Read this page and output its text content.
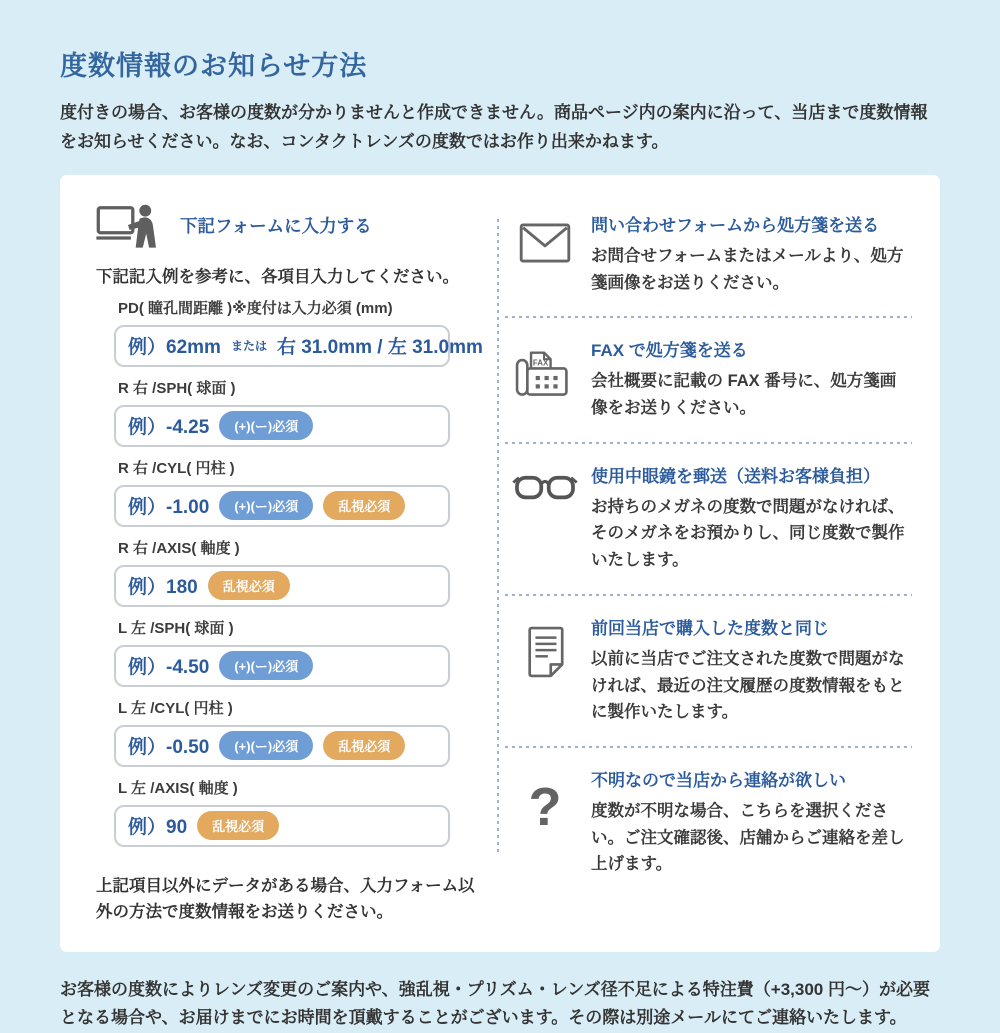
度数情報のお知らせ方法

度付きの場合、お客様の度数が分かりませんと作成できません。商品ページ内の案内に沿って、当店まで度数情報をお知らせください。なお、コンタクトレンズの度数ではお作り出来かねます。

下記フォームに入力する

下記記入例を参考に、各項目入力してください。

PD( 瞳孔間距離 )※度付は入力必須 (mm)
例）62mm または 右 31.0mm / 左 31.0mm
R 右 /SPH( 球面 )
例）-4.25	(+)(ー)必須
R 右 /CYL( 円柱 )
例）-1.00	(+)(ー)必須	乱視必須
R 右 /AXIS( 軸度 )
例）180	乱視必須
L 左 /SPH( 球面 )
例）-4.50	(+)(ー)必須
L 左 /CYL( 円柱 )
例）-0.50	(+)(ー)必須	乱視必須
L 左 /AXIS( 軸度 )
例）90	乱視必須

上記項目以外にデータがある場合、入力フォーム以外の方法で度数情報をお送りください。

問い合わせフォームから処方箋を送る

お問合せフォームまたはメールより、処方箋画像をお送りください。

FAX
FAX で処方箋を送る

会社概要に記載の FAX 番号に、処方箋画像をお送りください。

使用中眼鏡を郵送（送料お客様負担）

お持ちのメガネの度数で問題がなければ、そのメガネをお預かりし、同じ度数で製作いたします。

前回当店で購入した度数と同じ

以前に当店でご注文された度数で問題がなければ、最近の注文履歴の度数情報をもとに製作いたします。

? 不明なので当店から連絡が欲しい

度数が不明な場合、こちらを選択ください。ご注文確認後、店舗からご連絡を差し上げます。

お客様の度数によりレンズ変更のご案内や、強乱視・プリズム・レンズ径不足による特注費（+3,300 円〜）が必要となる場合や、お届けまでにお時間を頂戴することがございます。その際は別途メールにてご連絡いたします。
